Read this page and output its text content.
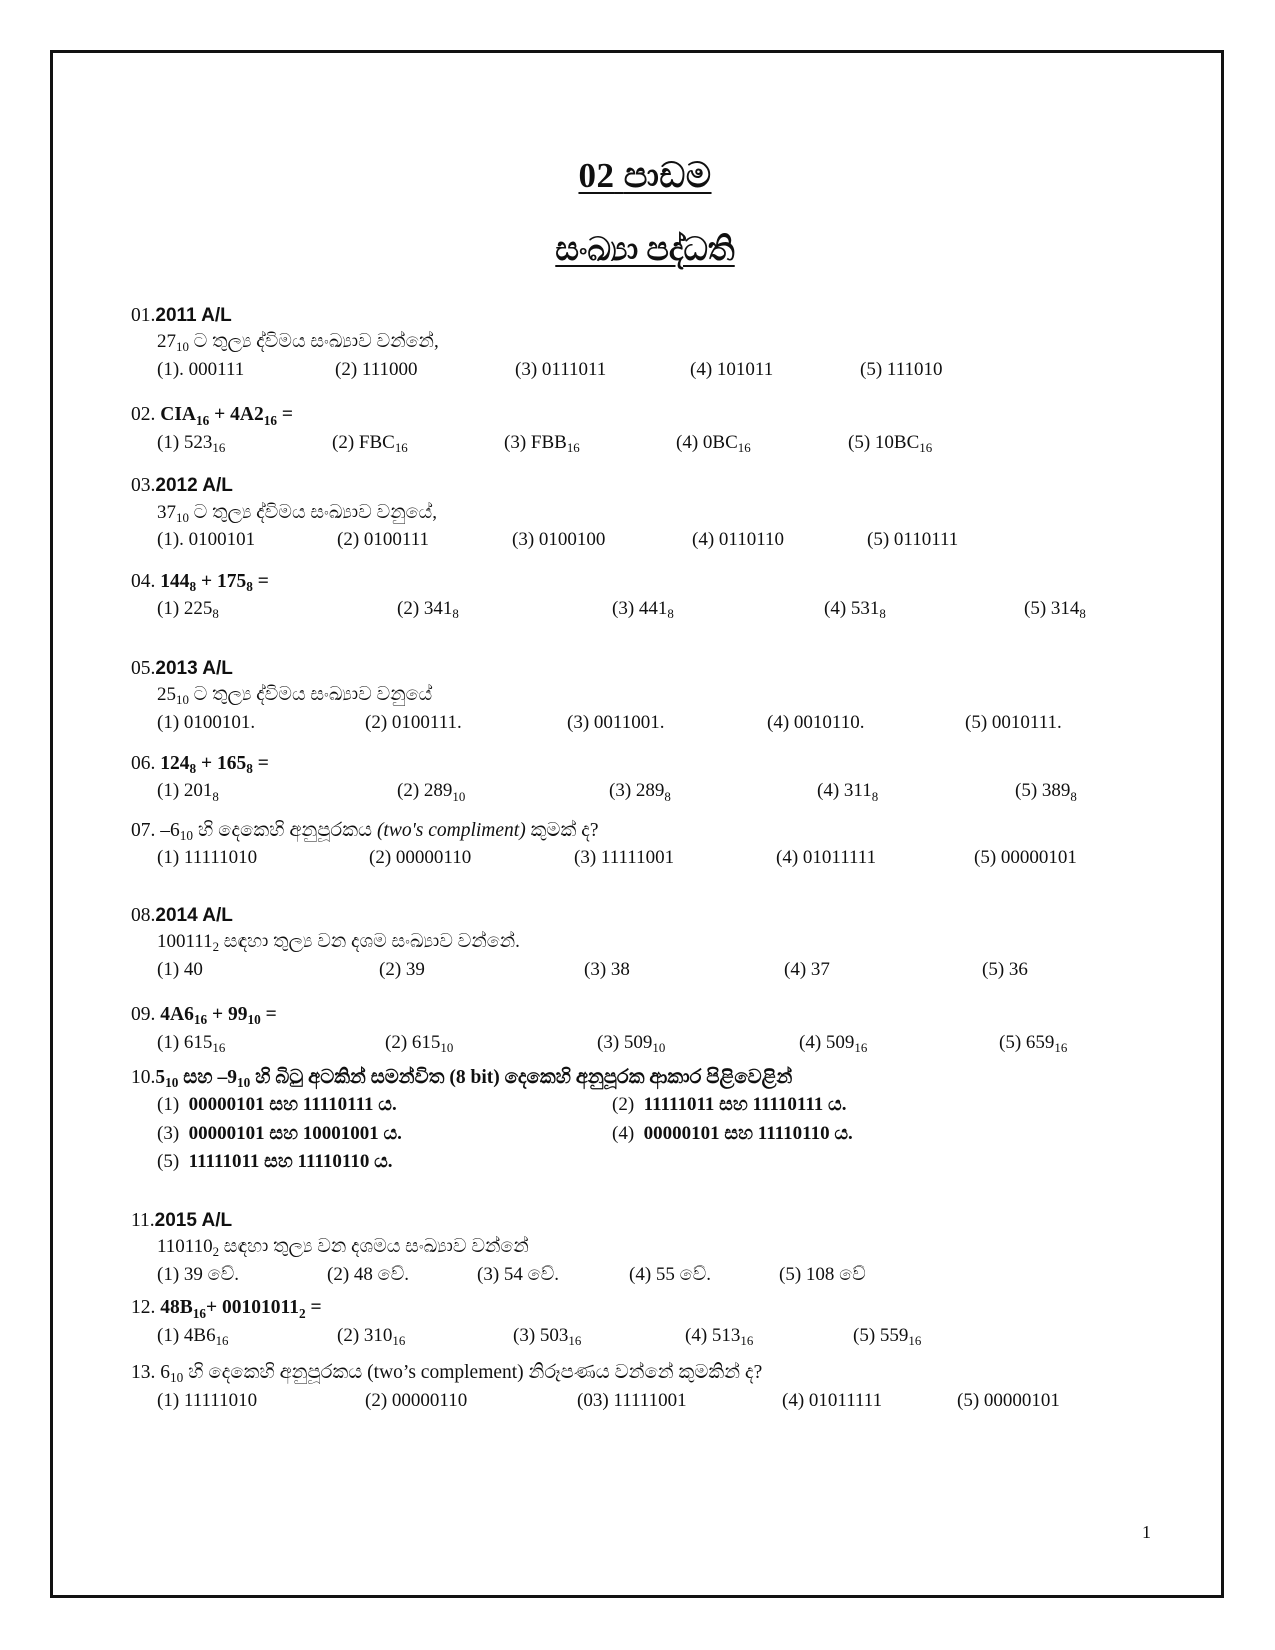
02 පාඩම
සංඛ්‍යා පද්ධති
01.2011 A/L
$27_{10}$ ට තුල්‍ය ද්විමය සංඛ්‍යාව වන්නේ,
(1). 000111	(2) 111000	(3) 0111011	(4) 101011	(5) 111010
02. $CIA_{16} + 4A2_{16}$ =
(1) $523_{16}$	(2) $FBC_{16}$	(3) $FBB_{16}$	(4) $0BC_{16}$	(5) $10BC_{16}$
03.2012 A/L
$37_{10}$ ට තුල්‍ය ද්විමය සංඛ්‍යාව වනුයේ,
(1). 0100101	(2) 0100111	(3) 0100100	(4) 0110110	(5) 0110111
04. $144_8 + 175_8$ =
(1) $225_8$	(2) $341_8$	(3) $441_8$	(4) $531_8$	(5) $314_8$
05.2013 A/L
$25_{10}$ ට තුල්‍ය ද්විමය සංඛ්‍යාව වනුයේ
(1) 0100101.	(2) 0100111.	(3) 0011001.	(4) 0010110.	(5) 0010111.
06. $124_8 + 165_8$ =
(1) $201_8$	(2) $289_{10}$	(3) $289_8$	(4) $311_8$	(5) $389_8$
07. $-6_{10}$ හි දෙකෙහි අනුපූරකය (two's compliment) කුමක් ද?
(1) 11111010	(2) 00000110	(3) 11111001	(4) 01011111	(5) 00000101
08.2014 A/L
$100111_2$ සඳහා තුල්‍ය වන දශම සංඛ්‍යාව වන්නේ.
(1) 40	(2) 39	(3) 38	(4) 37	(5) 36
09. $4A6_{16} + 99_{10}$ =
(1) $615_{16}$	(2) $615_{10}$	(3) $509_{10}$	(4) $509_{16}$	(5) $659_{16}$
$10.5_{10}$ සහ $-9_{10}$ හි බිටු අටකින් සමන්විත (8 bit) දෙකෙහි අනුපූරක ආකාර පිළිවෙළින්
(1) 00000101 සහ 11110111 ය.	(2) 11111011 සහ 11110111 ය.
(3) 00000101 සහ 10001001 ය.	(4) 00000101 සහ 11110110 ය.
(5) 11111011 සහ 11110110 ය.
11.2015 A/L
$110110_2$ සඳහා තුල්‍ය වන දශමය සංඛ්‍යාව වන්නේ
(1) 39 වේ.	(2) 48 වේ.	(3) 54 වේ.	(4) 55 වේ.	(5) 108 වේ
12. $48B_{16}+ 00101011_2$ =
(1) $4B6_{16}$	(2) $310_{16}$	(3) $503_{16}$	(4) $513_{16}$	(5) $559_{16}$
13. $6_{10}$ හි දෙකෙහි අනුපූරකය (two’s complement) නිරූපණය වන්නේ කුමකින් ද?
(1) 11111010	(2) 00000110	(03) 11111001	(4) 01011111	(5) 00000101
1
